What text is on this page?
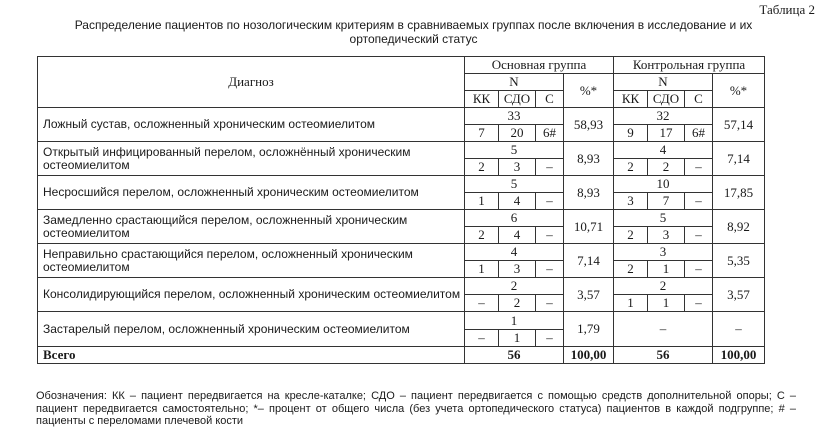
Таблица 2
Распределение пациентов по нозологическим критериям в сравниваемых группах после включения в исследование и их ортопедический статус
Диагноз	Основная группа				Контрольная группа			
	N			%*	N			%*
	КК	СДО	С		КК	СДО	С	
Ложный сустав, осложненный хроническим остеомиелитом	33			58,93	32			57,14
	7	20	6#		9	17	6#	
Открытый инфицированный перелом, осложнённый хроническим остеомиелитом	5			8,93	4			7,14
	2	3	–		2	2	–	
Несросшийся перелом, осложненный хроническим остеомиелитом	5			8,93	10			17,85
	1	4	–		3	7	–	
Замедленно срастающийся перелом, осложненный хроническим остеомиелитом	6			10,71	5			8,92
	2	4	–		2	3	–	
Неправильно срастающийся перелом, осложненный хроническим остеомиелитом	4			7,14	3			5,35
	1	3	–		2	1	–	
Консолидирующийся перелом, осложненный хроническим остеомиелитом	2			3,57	2			3,57
	–	2	–		1	1	–	
Застарелый перелом, осложненный хроническим остеомиелитом	1			1,79	–			–
	–	1	–					
Всего	56			100,00	56			100,00
Обозначения: КК – пациент передвигается на кресле-каталке; СДО – пациент передвигается с помощью средств дополнительной опоры; С – пациент передвигается самостоятельно; *– процент от общего числа (без учета ортопедического статуса) пациентов в каждой подгруппе; # – пациенты с переломами плечевой кости
